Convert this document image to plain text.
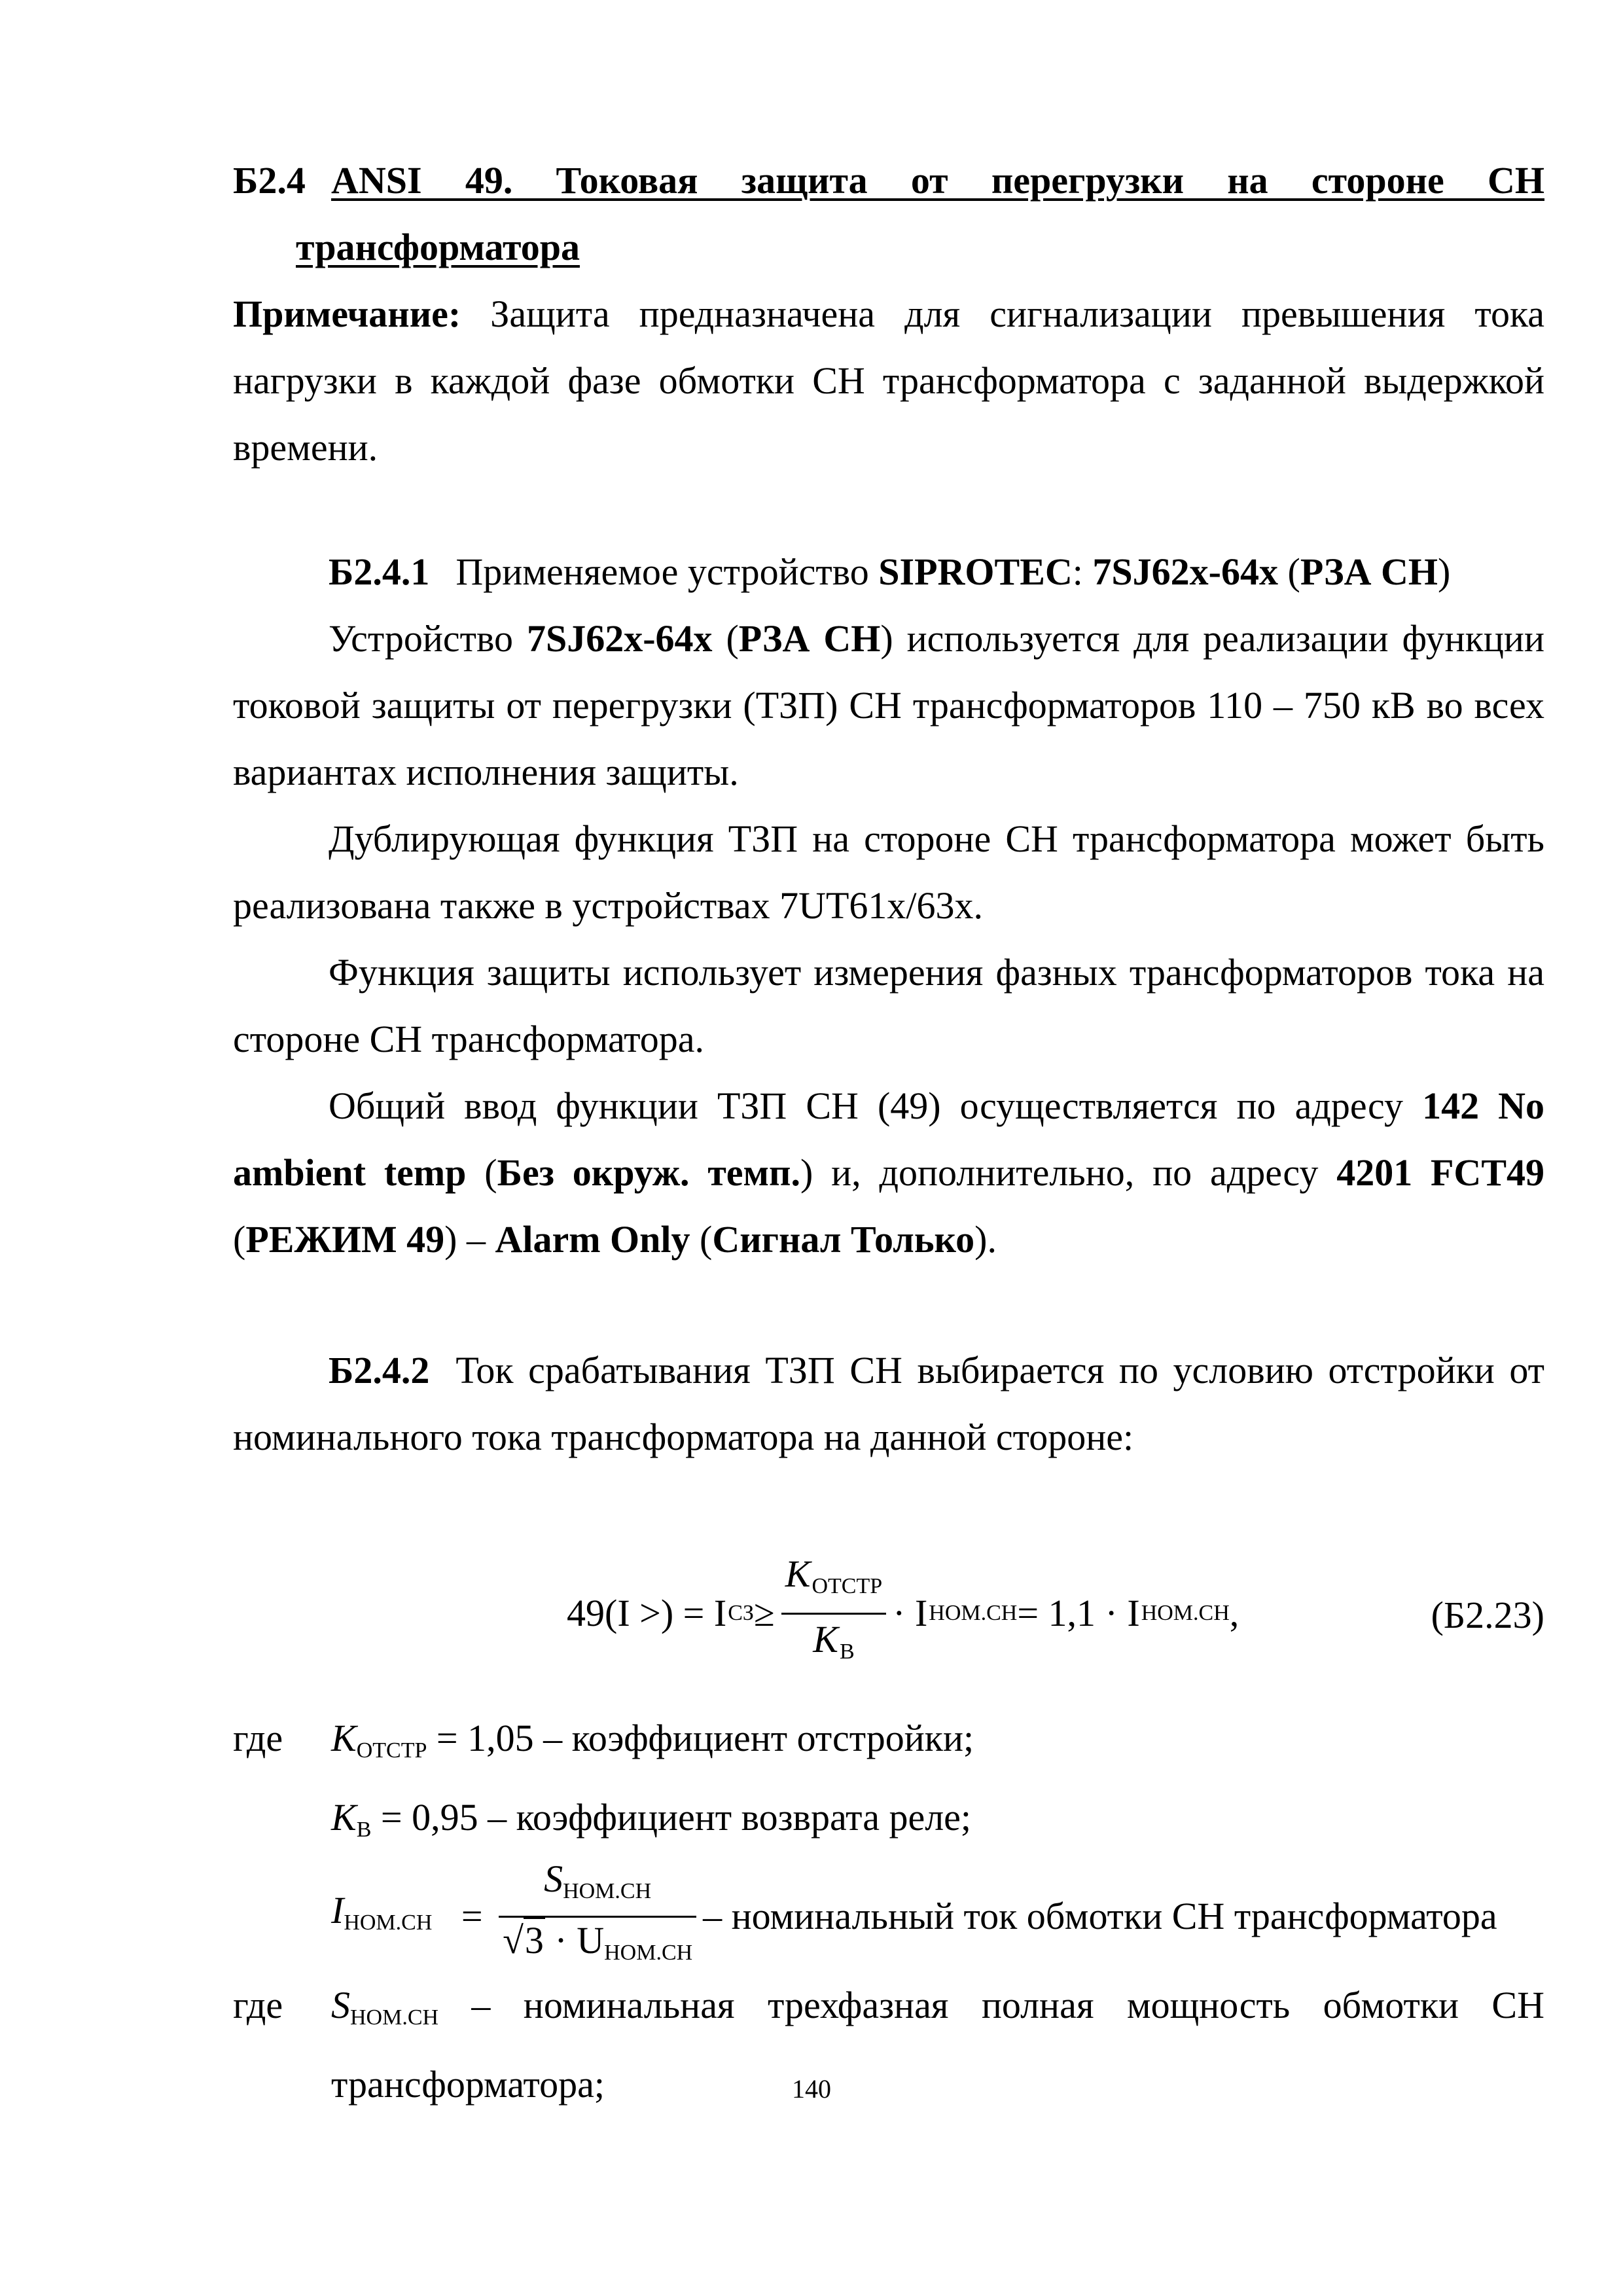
Б2.4 ANSI 49. Токовая защита от перегрузки на стороне СН
трансформатора

Примечание: Защита предназначена для сигнализации превышения тока нагрузки в каждой фазе обмотки СН трансформатора с заданной выдержкой времени.

Б2.4.1 Применяемое устройство SIPROTEC: 7SJ62x-64x (РЗА СН)

Устройство 7SJ62x-64x (РЗА СН) используется для реализации функции токовой защиты от перегрузки (ТЗП) СН трансформаторов 110 – 750 кВ во всех вариантах исполнения защиты.

Дублирующая функция ТЗП на стороне СН трансформатора может быть реализована также в устройствах 7UT61x/63x.

Функция защиты использует измерения фазных трансформаторов тока на стороне СН трансформатора.

Общий ввод функции ТЗП СН (49) осуществляется по адресу 142 No ambient temp (Без окруж. темп.) и, дополнительно, по адресу 4201 FCT49 (РЕЖИМ 49) – Alarm Only (Сигнал Только).

Б2.4.2 Ток срабатывания ТЗП СН выбирается по условию отстройки от номинального тока трансформатора на данной стороне:

49(I >) = I СЗ ≥ $\frac{K_{ОТСТР}}{K_В} \cdot I$ НОМ.СН = 1,1 · I НОМ.СН ,	(Б2.23)
где	$K_{ОТСТР} = 1,05$ – коэффициент отстройки;
$K_В = 0,95$ – коэффициент возврата реле;
$I_{НОМ.СН} = \frac{S_{НОМ.СН}}{√3 \cdot U_{НОМ.СН}}$ – номинальный ток обмотки СН трансформатора
где	$S_{НОМ.СН}$ – номинальная трехфазная полная мощность обмотки СН трансформатора;	140
